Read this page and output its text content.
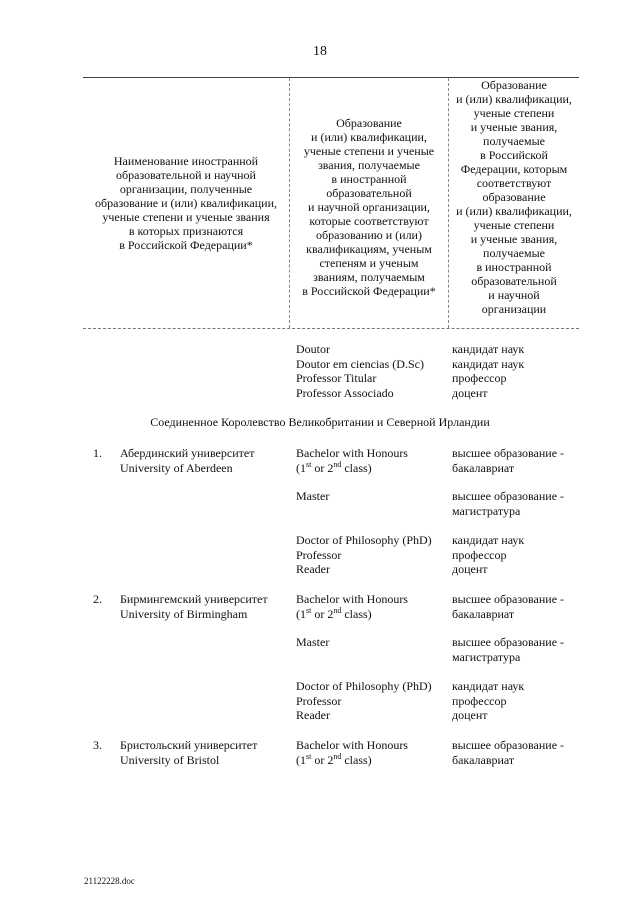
18
Наименование иностранной
образовательной и научной
организации, полученные
образование и (или) квалификации,
ученые степени и ученые звания
в которых признаются
в Российской Федерации*
Образование
и (или) квалификации,
ученые степени и ученые
звания, получаемые
в иностранной
образовательной
и научной организации,
которые соответствуют
образованию и (или)
квалификациям, ученым
степеням и ученым
званиям, получаемым
в Российской Федерации*
Образование
и (или) квалификации,
ученые степени
и ученые звания,
получаемые
в Российской
Федерации, которым
соответствуют
образование
и (или) квалификации,
ученые степени
и ученые звания,
получаемые
в иностранной
образовательной
и научной
организации
Doutor
Doutor em ciencias (D.Sc)
Professor Titular
Professor Associado
кандидат наук
кандидат наук
профессор
доцент
Соединенное Королевство Великобритании и Северной Ирландии
1. Абердинский университет
University of Aberdeen
Bachelor with Honours
(1st or 2nd class)
высшее образование -
бакалавриат
Master	высшее образование -
магистратура
Doctor of Philosophy (PhD)
Professor
Reader
кандидат наук
профессор
доцент
2. Бирмингемский университет
University of Birmingham
Bachelor with Honours
(1st or 2nd class)
высшее образование -
бакалавриат
Master	высшее образование -
магистратура
Doctor of Philosophy (PhD)
Professor
Reader
кандидат наук
профессор
доцент
3. Бристольский университет
University of Bristol
Bachelor with Honours
(1st or 2nd class)
высшее образование -
бакалавриат
21122228.doc
